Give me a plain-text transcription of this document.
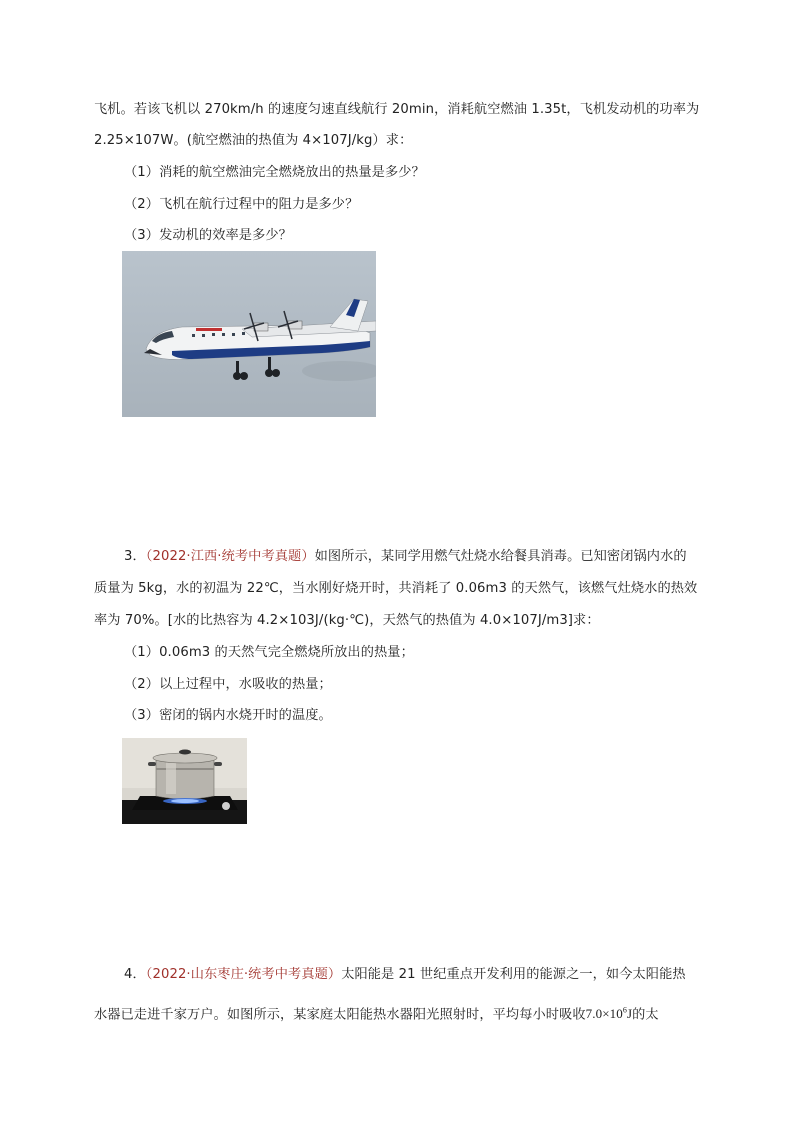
飞机。若该飞机以 270km/h 的速度匀速直线航行 20min，消耗航空燃油 1.35t，飞机发动机的功率为
2.25×107W。(航空燃油的热值为 4×107J/kg）求：
（1）消耗的航空燃油完全燃烧放出的热量是多少？
（2）飞机在航行过程中的阻力是多少？
（3）发动机的效率是多少？
3．（2022·江西·统考中考真题）如图所示，某同学用燃气灶烧水给餐具消毒。已知密闭锅内水的
质量为 5kg，水的初温为 22℃，当水刚好烧开时，共消耗了 0.06m3 的天然气，该燃气灶烧水的热效
率为 70%。[水的比热容为 4.2×103J/(kg·℃)，天然气的热值为 4.0×107J/m3]求：
（1）0.06m3 的天然气完全燃烧所放出的热量；
（2）以上过程中，水吸收的热量；
（3）密闭的锅内水烧开时的温度。
4．（2022·山东枣庄·统考中考真题）太阳能是 21 世纪重点开发利用的能源之一，如今太阳能热
水器已走进千家万户。如图所示，某家庭太阳能热水器阳光照射时，平均每小时吸收$7.0\times 10^6J$的太
